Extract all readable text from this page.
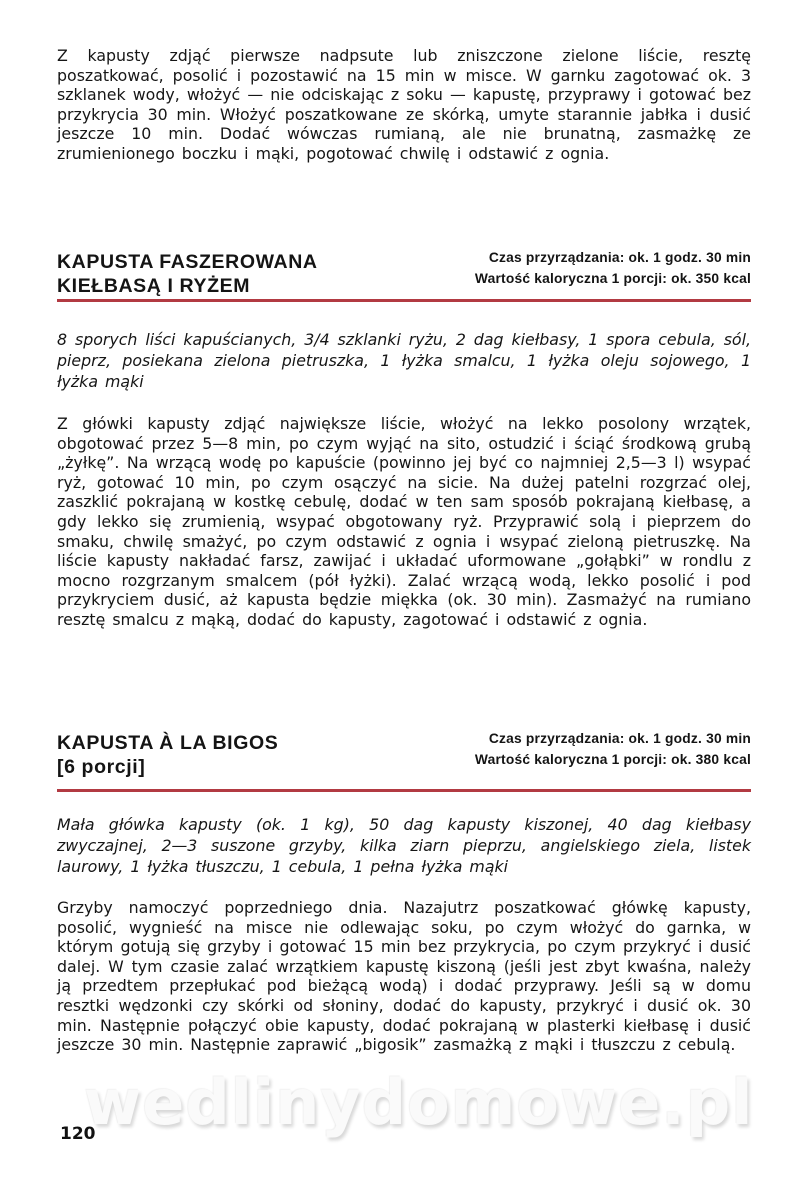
Z kapusty zdjąć pierwsze nadpsute lub zniszczone zielone liście, resztę poszatkować, posolić i pozostawić na 15 min w misce. W garnku zagotować ok. 3 szklanek wody, włożyć — nie odciskając z soku — kapustę, przyprawy i gotować bez przykrycia 30 min. Włożyć poszatkowane ze skórką, umyte starannie jabłka i dusić jeszcze 10 min. Dodać wówczas rumianą, ale nie brunatną, zasmażkę ze zrumienionego boczku i mąki, pogotować chwilę i odstawić z ognia.

KAPUSTA FASZEROWANA
KIEŁBASĄ I RYŻEM
Czas przyrządzania: ok. 1 godz. 30 min
Wartość kaloryczna 1 porcji: ok. 350 kcal

8 sporych liści kapuścianych, 3/4 szklanki ryżu, 2 dag kiełbasy, 1 spora cebula, sól, pieprz, posiekana zielona pietruszka, 1 łyżka smalcu, 1 łyżka oleju sojowego, 1 łyżka mąki

Z główki kapusty zdjąć największe liście, włożyć na lekko posolony wrzątek, obgotować przez 5—8 min, po czym wyjąć na sito, ostudzić i ściąć środkową grubą „żyłkę”. Na wrzącą wodę po kapuście (powinno jej być co najmniej 2,5—3 l) wsypać ryż, gotować 10 min, po czym osączyć na sicie. Na dużej patelni rozgrzać olej, zaszklić pokrajaną w kostkę cebulę, dodać w ten sam sposób pokrajaną kiełbasę, a gdy lekko się zrumienią, wsypać obgotowany ryż. Przyprawić solą i pieprzem do smaku, chwilę smażyć, po czym odstawić z ognia i wsypać zieloną pietruszkę. Na liście kapusty nakładać farsz, zawijać i układać uformowane „gołąbki” w rondlu z mocno rozgrzanym smalcem (pół łyżki). Zalać wrzącą wodą, lekko posolić i pod przykryciem dusić, aż kapusta będzie miękka (ok. 30 min). Zasmażyć na rumiano resztę smalcu z mąką, dodać do kapusty, zagotować i odstawić z ognia.

KAPUSTA À LA BIGOS
[6 porcji]
Czas przyrządzania: ok. 1 godz. 30 min
Wartość kaloryczna 1 porcji: ok. 380 kcal

Mała główka kapusty (ok. 1 kg), 50 dag kapusty kiszonej, 40 dag kiełbasy zwyczajnej, 2—3 suszone grzyby, kilka ziarn pieprzu, angielskiego ziela, listek laurowy, 1 łyżka tłuszczu, 1 cebula, 1 pełna łyżka mąki

Grzyby namoczyć poprzedniego dnia. Nazajutrz poszatkować główkę kapusty, posolić, wygnieść na misce nie odlewając soku, po czym włożyć do garnka, w którym gotują się grzyby i gotować 15 min bez przykrycia, po czym przykryć i dusić dalej. W tym czasie zalać wrzątkiem kapustę kiszoną (jeśli jest zbyt kwaśna, należy ją przedtem przepłukać pod bieżącą wodą) i dodać przyprawy. Jeśli są w domu resztki wędzonki czy skórki od słoniny, dodać do kapusty, przykryć i dusić ok. 30 min. Następnie połączyć obie kapusty, dodać pokrajaną w plasterki kiełbasę i dusić jeszcze 30 min. Następnie zaprawić „bigosik” zasmażką z mąki i tłuszczu z cebulą.

wedlinydomowe.pl
120
